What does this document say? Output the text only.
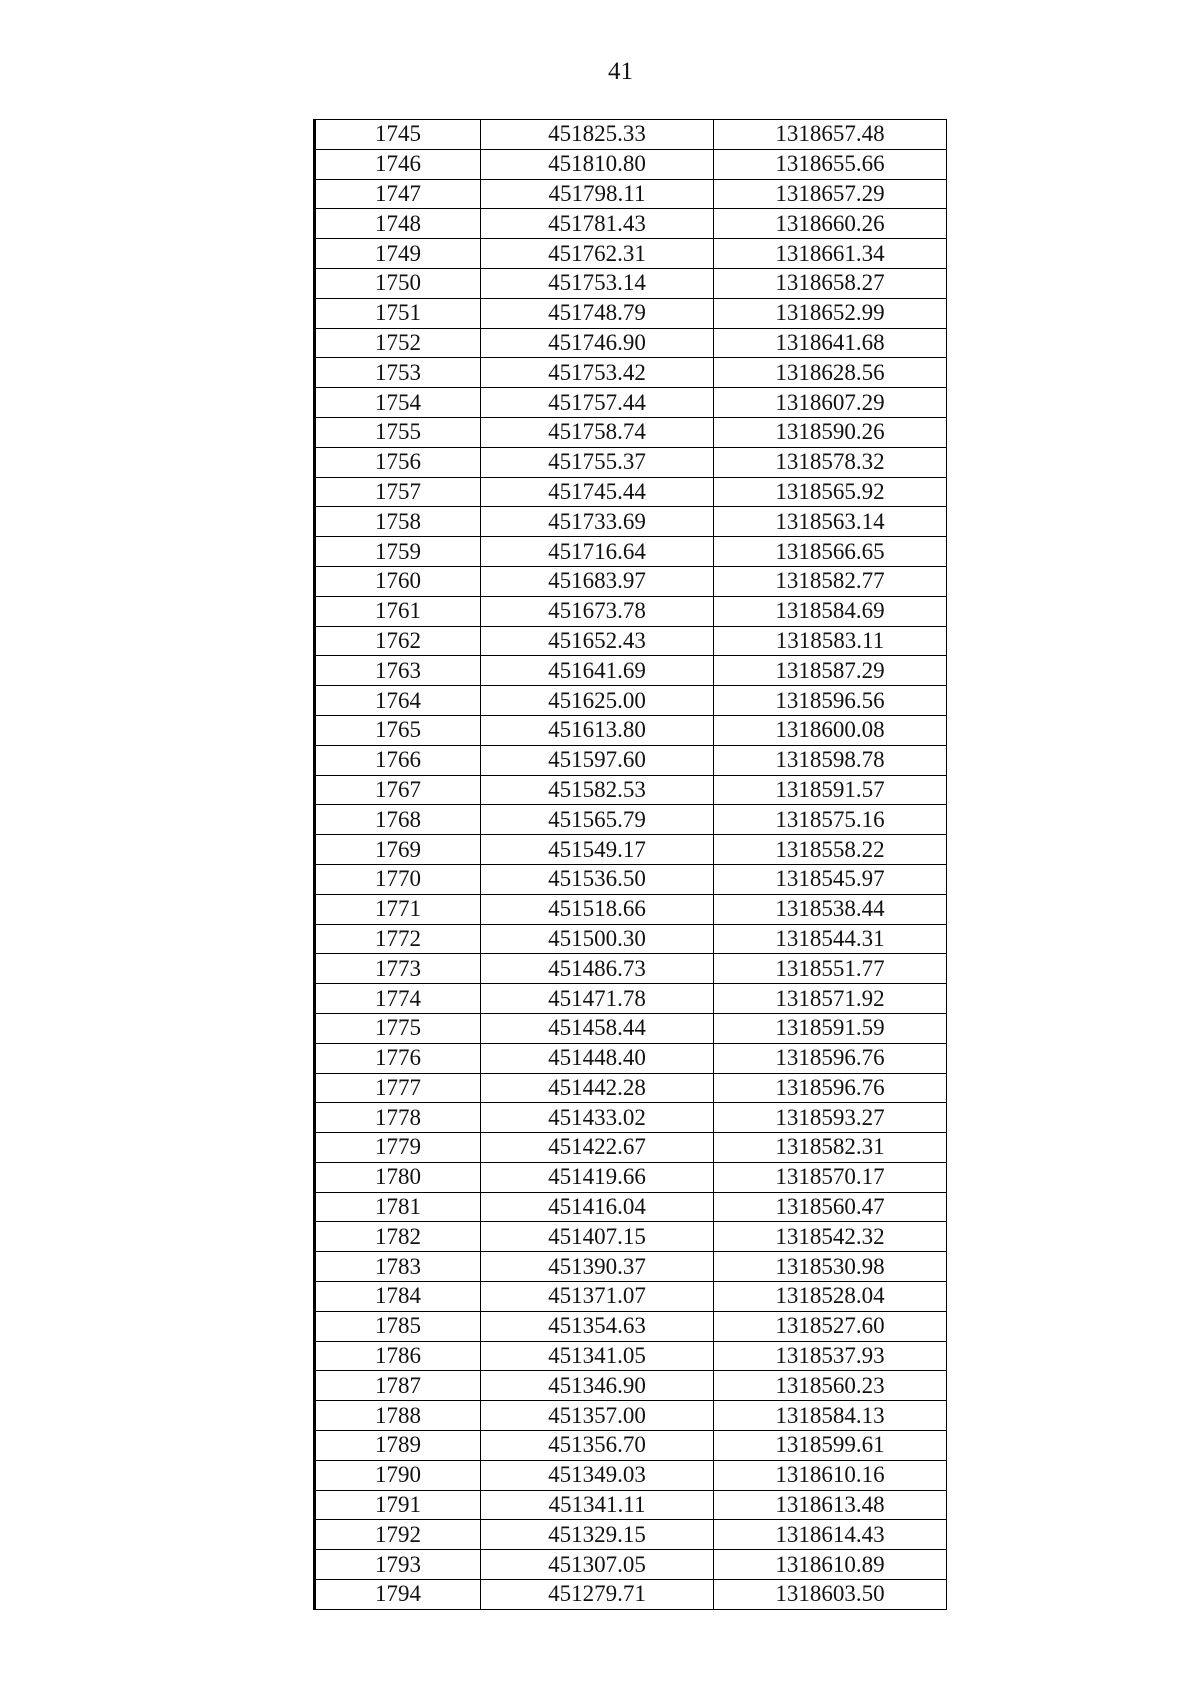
41
1745	451825.33	1318657.48
1746	451810.80	1318655.66
1747	451798.11	1318657.29
1748	451781.43	1318660.26
1749	451762.31	1318661.34
1750	451753.14	1318658.27
1751	451748.79	1318652.99
1752	451746.90	1318641.68
1753	451753.42	1318628.56
1754	451757.44	1318607.29
1755	451758.74	1318590.26
1756	451755.37	1318578.32
1757	451745.44	1318565.92
1758	451733.69	1318563.14
1759	451716.64	1318566.65
1760	451683.97	1318582.77
1761	451673.78	1318584.69
1762	451652.43	1318583.11
1763	451641.69	1318587.29
1764	451625.00	1318596.56
1765	451613.80	1318600.08
1766	451597.60	1318598.78
1767	451582.53	1318591.57
1768	451565.79	1318575.16
1769	451549.17	1318558.22
1770	451536.50	1318545.97
1771	451518.66	1318538.44
1772	451500.30	1318544.31
1773	451486.73	1318551.77
1774	451471.78	1318571.92
1775	451458.44	1318591.59
1776	451448.40	1318596.76
1777	451442.28	1318596.76
1778	451433.02	1318593.27
1779	451422.67	1318582.31
1780	451419.66	1318570.17
1781	451416.04	1318560.47
1782	451407.15	1318542.32
1783	451390.37	1318530.98
1784	451371.07	1318528.04
1785	451354.63	1318527.60
1786	451341.05	1318537.93
1787	451346.90	1318560.23
1788	451357.00	1318584.13
1789	451356.70	1318599.61
1790	451349.03	1318610.16
1791	451341.11	1318613.48
1792	451329.15	1318614.43
1793	451307.05	1318610.89
1794	451279.71	1318603.50
